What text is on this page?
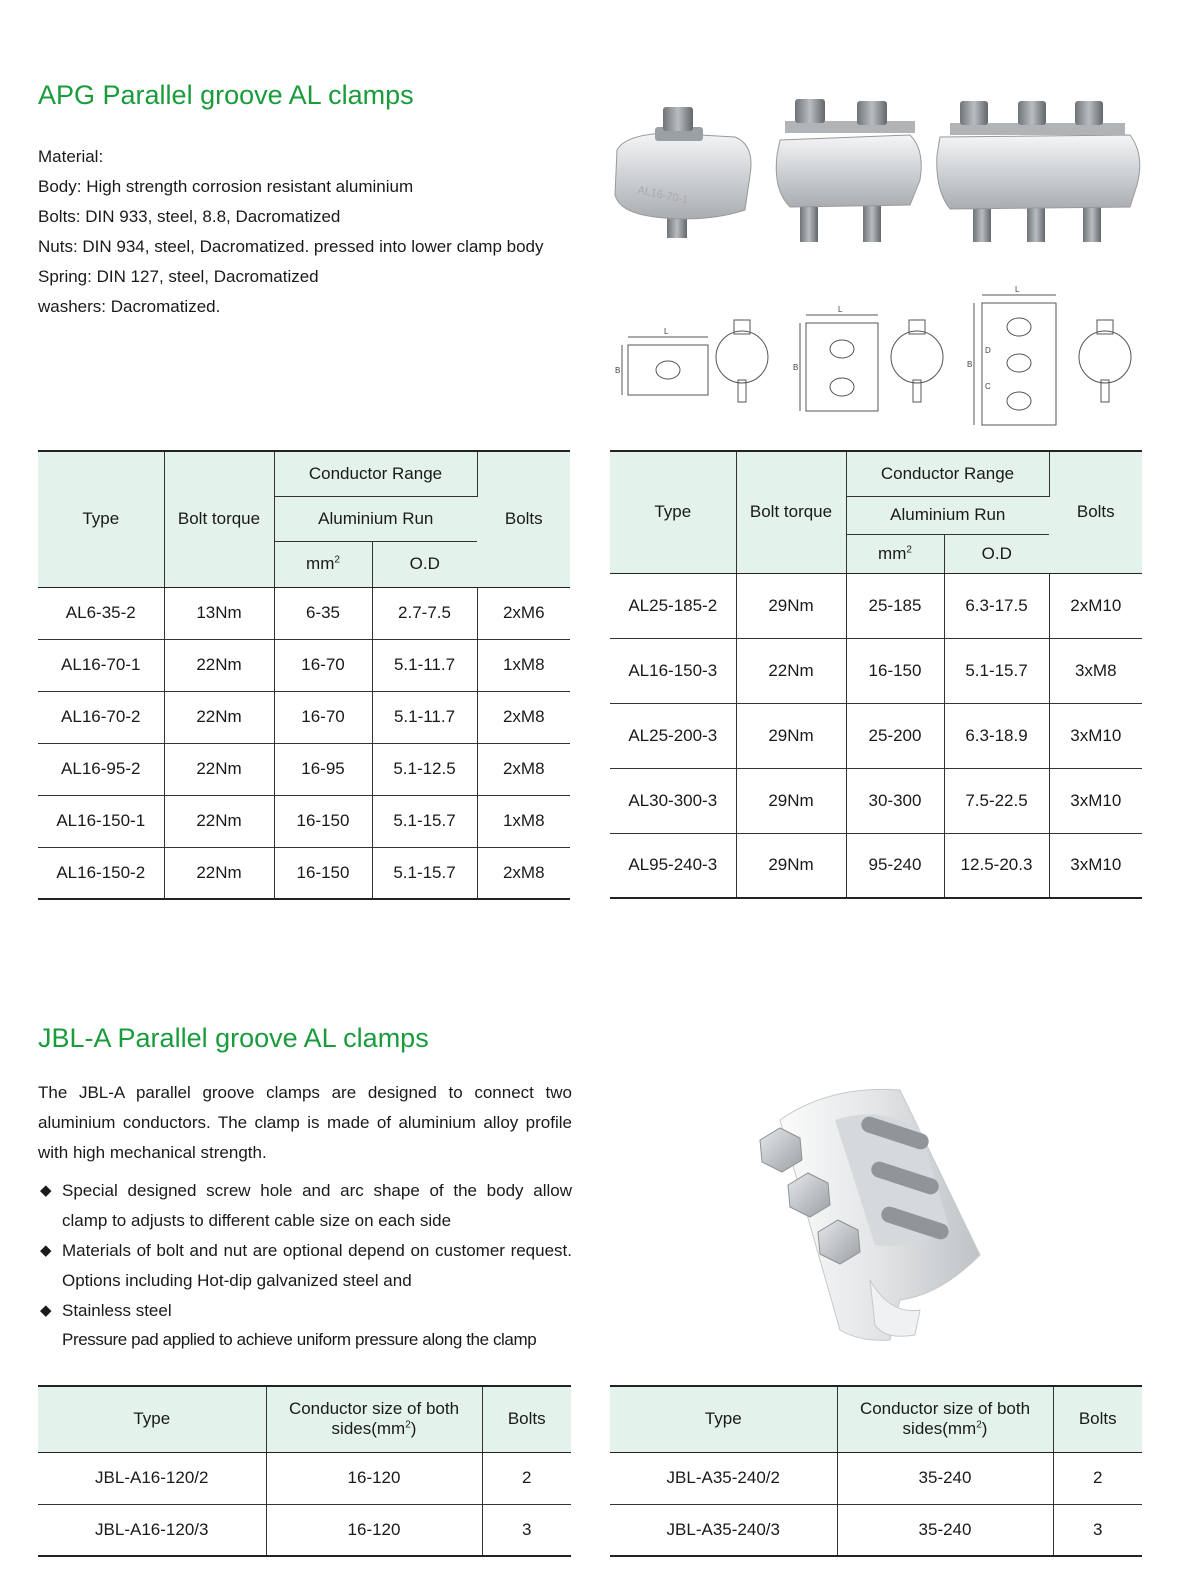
APG Parallel groove AL clamps
Material:
Body: High strength corrosion resistant aluminium
Bolts: DIN 933, steel, 8.8, Dacromatized
Nuts: DIN 934, steel, Dacromatized. pressed into lower clamp body
Spring: DIN 127, steel, Dacromatized
washers: Dacromatized.
AL16-70-1
L
B
L
B
L
B
D
C
Type	Bolt torque	Conductor Range		Bolts
		Aluminium Run		
		$mm^2$	O.D	
AL6-35-2	13Nm	6-35	2.7-7.5	2xM6
AL16-70-1	22Nm	16-70	5.1-11.7	1xM8
AL16-70-2	22Nm	16-70	5.1-11.7	2xM8
AL16-95-2	22Nm	16-95	5.1-12.5	2xM8
AL16-150-1	22Nm	16-150	5.1-15.7	1xM8
AL16-150-2	22Nm	16-150	5.1-15.7	2xM8
Type	Bolt torque	Conductor Range		Bolts
		Aluminium Run		
		$mm^2$	O.D	
AL25-185-2	29Nm	25-185	6.3-17.5	2xM10
AL16-150-3	22Nm	16-150	5.1-15.7	3xM8
AL25-200-3	29Nm	25-200	6.3-18.9	3xM10
AL30-300-3	29Nm	30-300	7.5-22.5	3xM10
AL95-240-3	29Nm	95-240	12.5-20.3	3xM10
JBL-A Parallel groove AL clamps
The JBL-A parallel groove clamps are designed to connect two aluminium conductors. The clamp is made of aluminium alloy profile with high mechanical strength.
◆ Special designed screw hole and arc shape of the body allow clamp to adjusts to different cable size on each side
◆ Materials of bolt and nut are optional depend on customer request. Options including Hot-dip galvanized steel and
◆ Stainless steel
Pressure pad applied to achieve uniform pressure along the clamp
Type	Conductor size of both
$sides(mm^2)$	Bolts
JBL-A16-120/2	16-120	2
JBL-A16-120/3	16-120	3
Type	Conductor size of both
$sides(mm^2)$	Bolts
JBL-A35-240/2	35-240	2
JBL-A35-240/3	35-240	3
